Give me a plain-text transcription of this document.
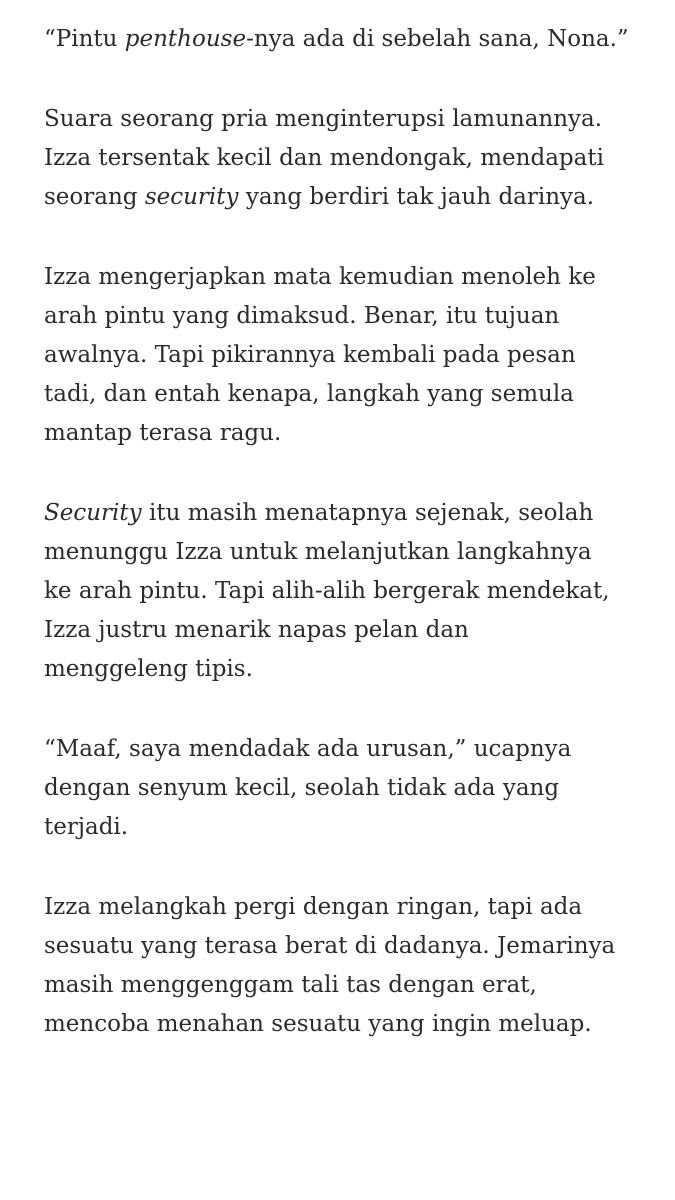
“Pintu penthouse-nya ada di sebelah sana, Nona.”

Suara seorang pria menginterupsi lamunannya.
Izza tersentak kecil dan mendongak, mendapati
seorang security yang berdiri tak jauh darinya.

Izza mengerjapkan mata kemudian menoleh ke
arah pintu yang dimaksud. Benar, itu tujuan
awalnya. Tapi pikirannya kembali pada pesan
tadi, dan entah kenapa, langkah yang semula
mantap terasa ragu.

Security itu masih menatapnya sejenak, seolah
menunggu Izza untuk melanjutkan langkahnya
ke arah pintu. Tapi alih-alih bergerak mendekat,
Izza justru menarik napas pelan dan
menggeleng tipis.

“Maaf, saya mendadak ada urusan,” ucapnya
dengan senyum kecil, seolah tidak ada yang
terjadi.

Izza melangkah pergi dengan ringan, tapi ada
sesuatu yang terasa berat di dadanya. Jemarinya
masih menggenggam tali tas dengan erat,
mencoba menahan sesuatu yang ingin meluap.
